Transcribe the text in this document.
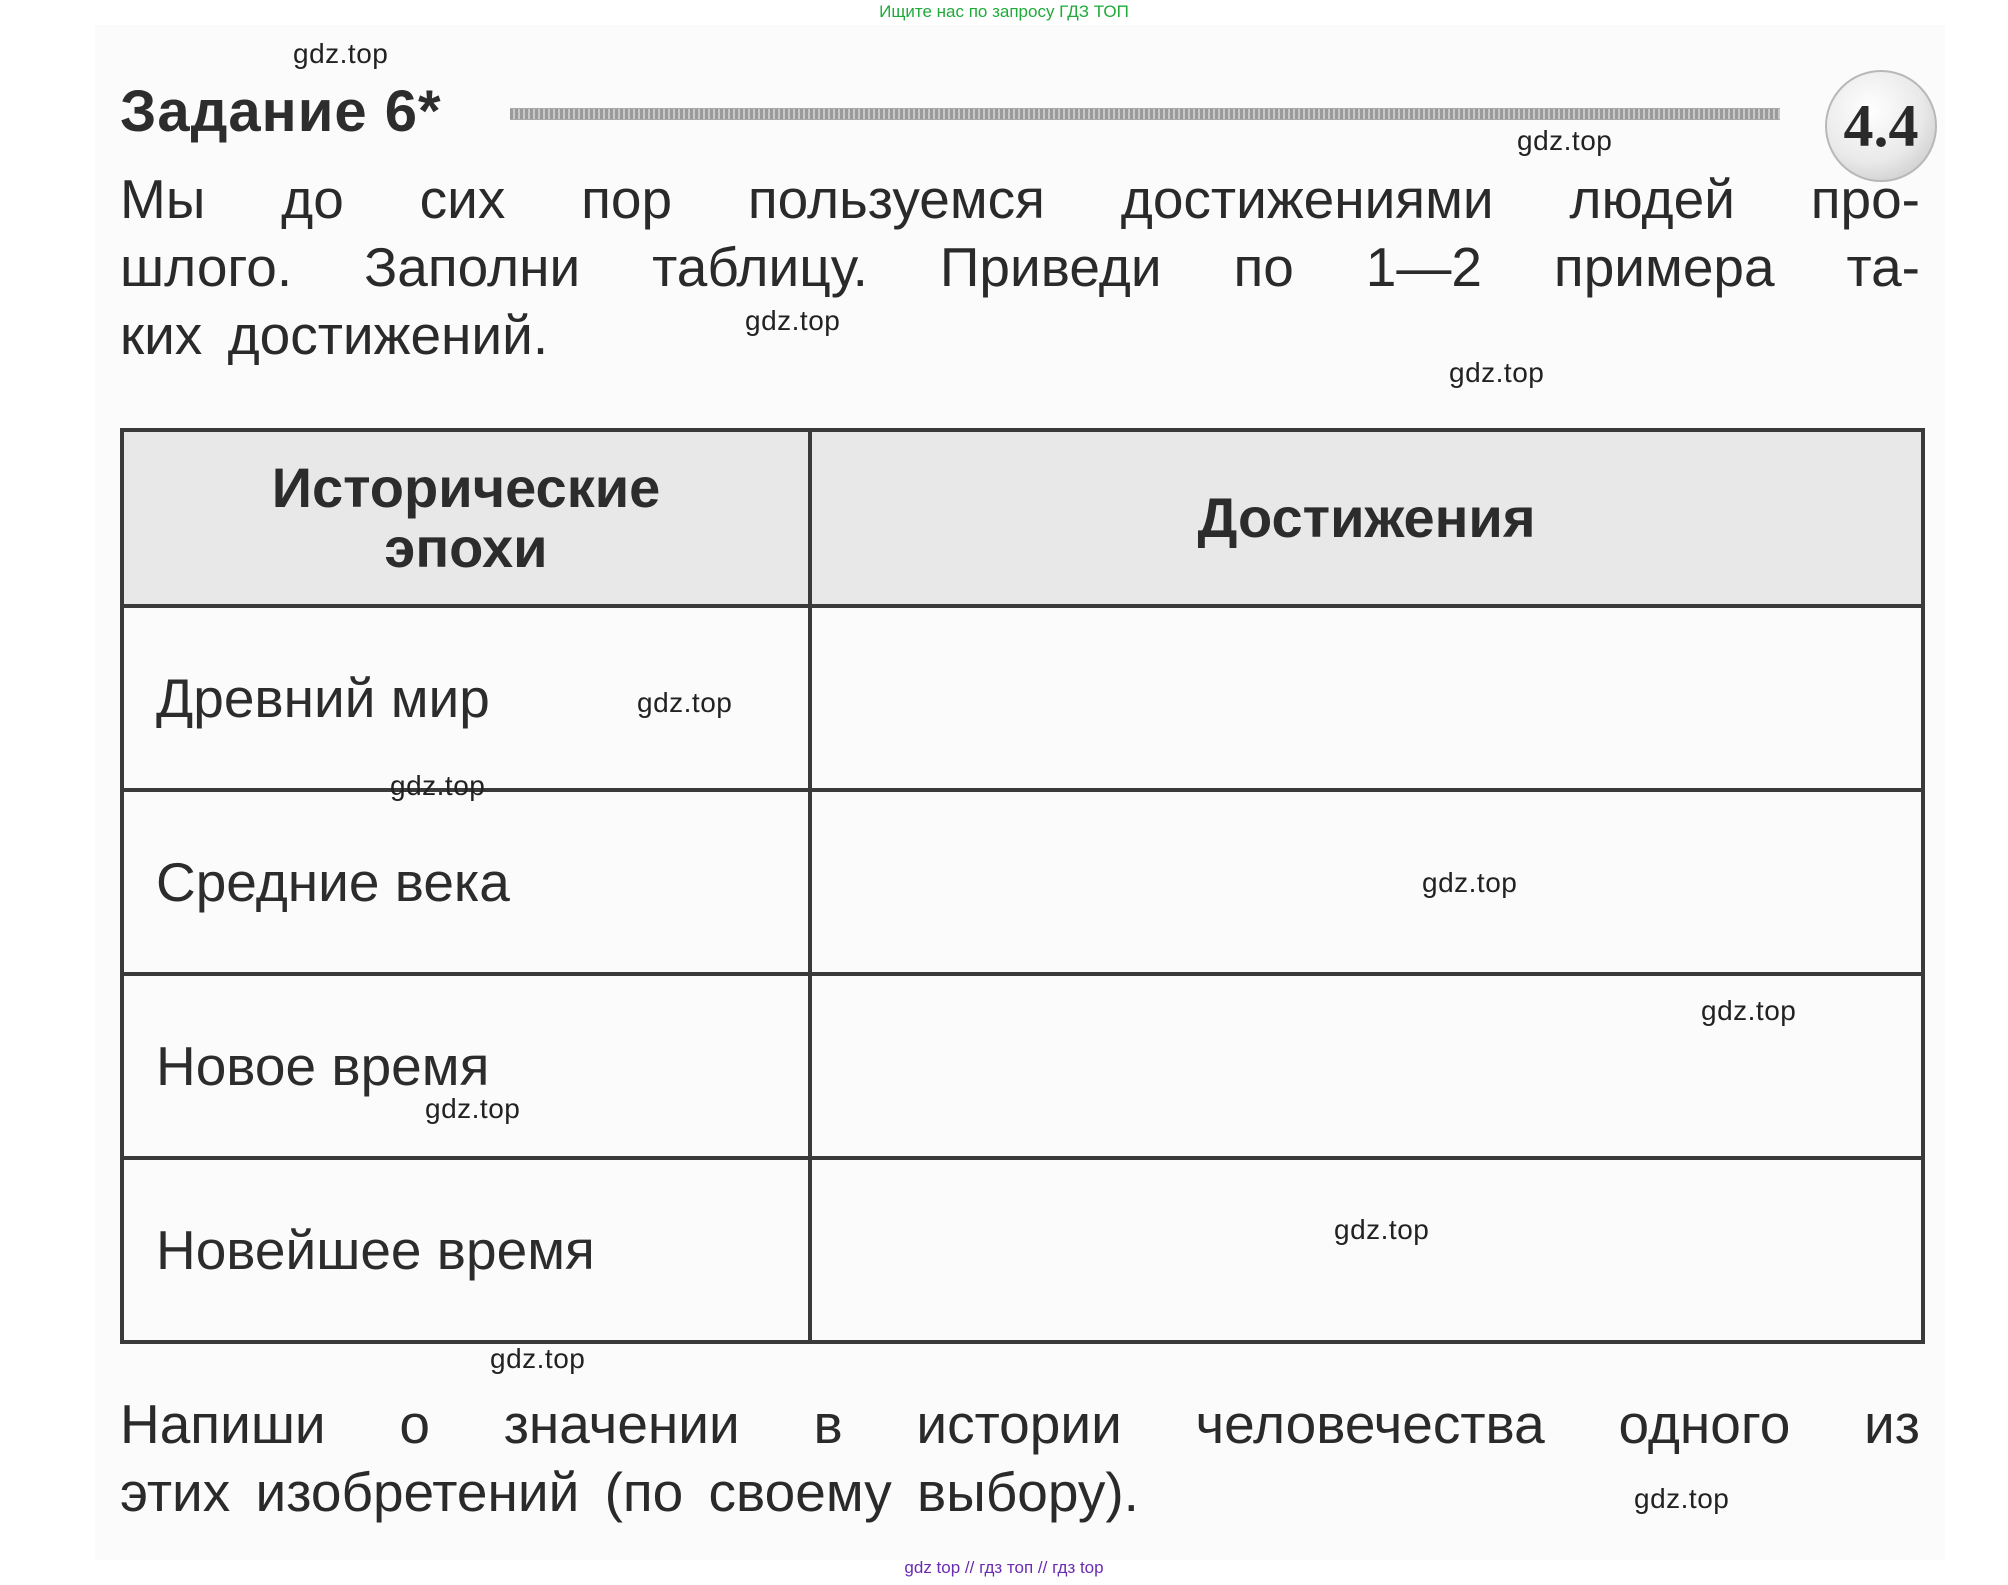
Ищите нас по запросу ГДЗ ТОП
Задание 6*	4.4
Мы до сих пор пользуемся достижениями людей про-
шлого. Заполни таблицу. Приведи по 1—2 примера та-
ких достижений.
Исторические эпохи	Достижения
Древний мир	
Средние века	
Новое время	
Новейшее время	
Напиши о значении в истории человечества одного из
этих изобретений (по своему выбору).
gdz.top
gdz.top
gdz.top
gdz.top
gdz.top
gdz.top
gdz.top
gdz.top
gdz.top
gdz.top
gdz.top
gdz.top
gdz top // гдз топ // гдз top
